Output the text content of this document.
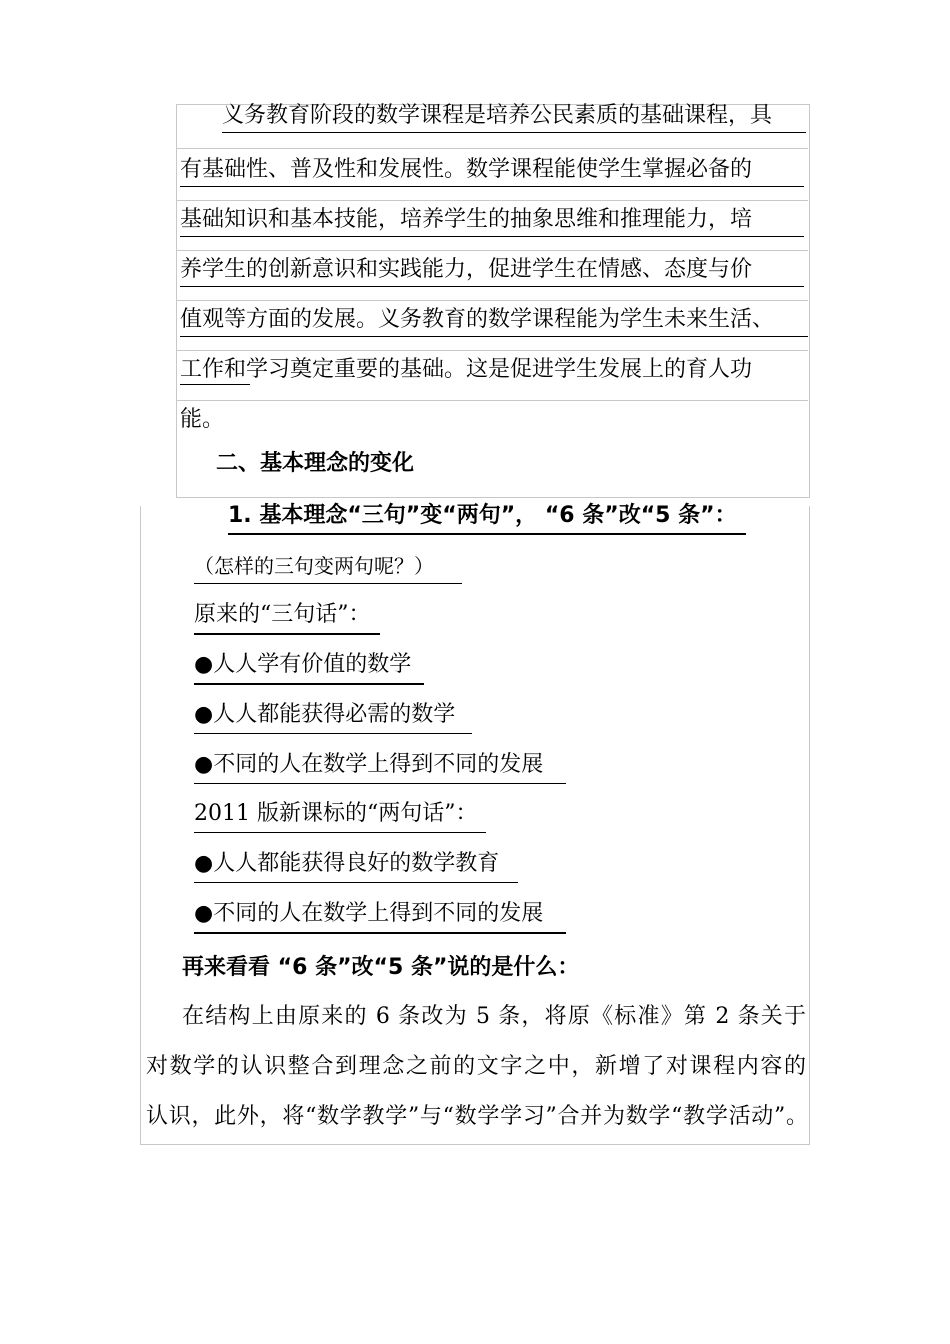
义务教育阶段的数学课程是培养公民素质的基础课程，具
有基础性、普及性和发展性。数学课程能使学生掌握必备的
基础知识和基本技能，培养学生的抽象思维和推理能力，培
养学生的创新意识和实践能力，促进学生在情感、态度与价
值观等方面的发展。义务教育的数学课程能为学生未来生活、
工作和学习奠定重要的基础。这是促进学生发展上的育人功
能。
二、基本理念的变化
1. 基本理念“三句”变“两句”， “6 条”改“5 条”：
（怎样的三句变两句呢？）
原来的“三句话”：
●人人学有价值的数学
●人人都能获得必需的数学
●不同的人在数学上得到不同的发展
2011 版新课标的“两句话”：
●人人都能获得良好的数学教育
●不同的人在数学上得到不同的发展
再来看看 “6 条”改“5 条”说的是什么：
在结构上由原来的 6 条改为 5 条，将原《标准》第 2 条关于
对数学的认识整合到理念之前的文字之中，新增了对课程内容的
认识，此外，将“数学教学”与“数学学习”合并为数学“教学活动”。
